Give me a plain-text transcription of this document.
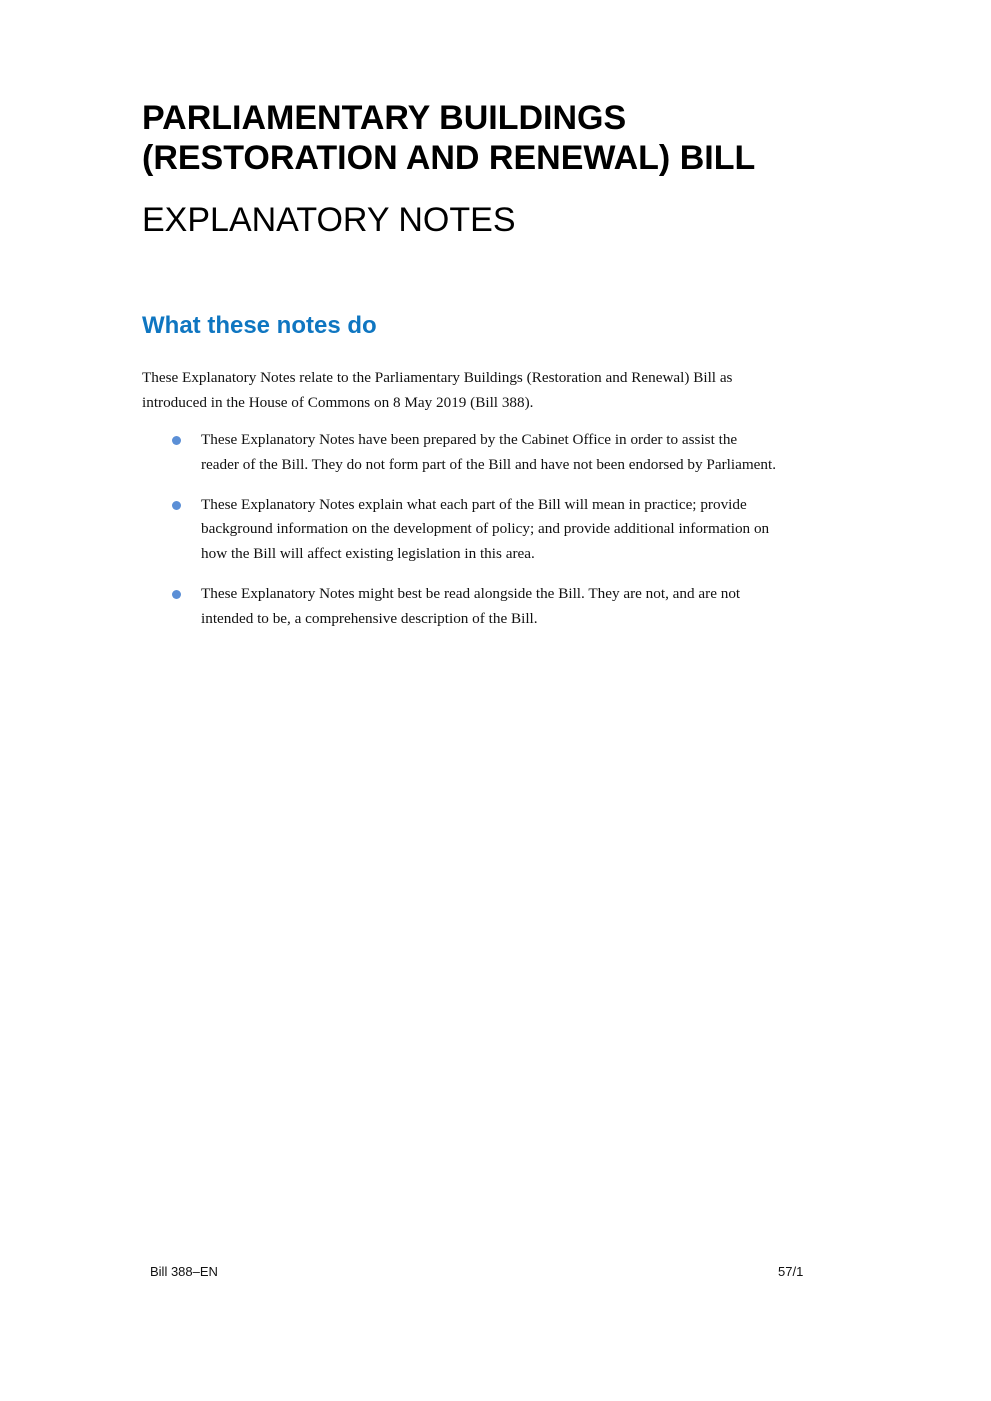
PARLIAMENTARY BUILDINGS

(RESTORATION AND RENEWAL) BILL

EXPLANATORY NOTES

What these notes do

These Explanatory Notes relate to the Parliamentary Buildings (Restoration and Renewal) Bill as
introduced in the House of Commons on 8 May 2019 (Bill 388).

These Explanatory Notes have been prepared by the Cabinet Office in order to assist the
reader of the Bill. They do not form part of the Bill and have not been endorsed by Parliament.
These Explanatory Notes explain what each part of the Bill will mean in practice; provide
background information on the development of policy; and provide additional information on
how the Bill will affect existing legislation in this area.
These Explanatory Notes might best be read alongside the Bill. They are not, and are not
intended to be, a comprehensive description of the Bill.
Bill 388–EN	57/1
